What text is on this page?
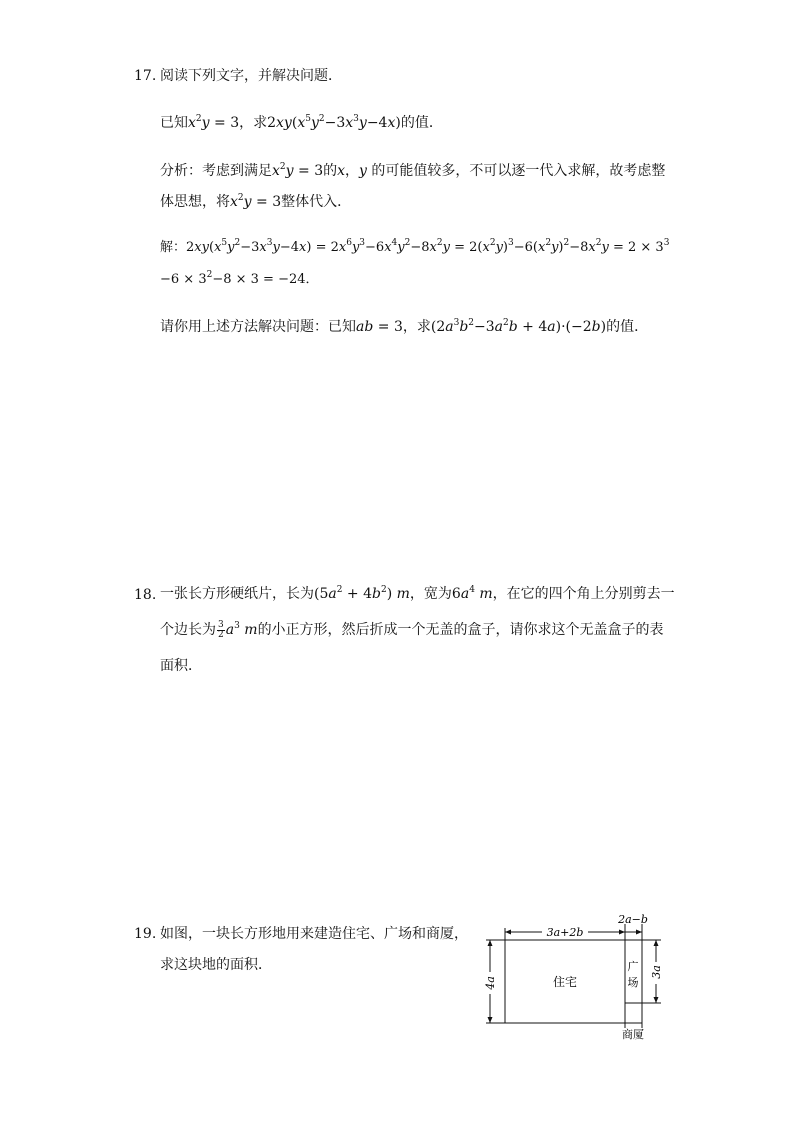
17. 阅读下列文字，并解决问题．
已知$x^2y = 3$，求$2xy(x^5y^2-3x^3y-4x)$的值．
分析：考虑到满足$x^2y = 3$的x，y 的可能值较多，不可以逐一代入求解，故考虑整
体思想，将$x^2y = 3$整体代入．
解：$2xy(x^5y^2-3x^3y-4x) = 2x^6y^3-6x^4y^2-8x^2y = 2(x^2y)^3-6(x^2y)^2-8x^2y = 2 \times 3^3$
$-6 \times 3^2-8 \times 3 = -24$．
请你用上述方法解决问题：已知ab = 3，求$(2a^3b^2-3a^2b + 4a)\cdot(-2b)$的值．
18. 一张长方形硬纸片，长为$(5a^2 + 4b^2)$ m，宽为$6a^4$ m，在它的四个角上分别剪去一
个边长为 $\frac{3}{2} a^3$ m的小正方形，然后折成一个无盖的盒子，请你求这个无盖盒子的表
面积．
19. 如图，一块长方形地用来建造住宅、广场和商厦，
求这块地的面积．
3a+2b
2a−b
住宅
广
场
商厦
4a
3a
